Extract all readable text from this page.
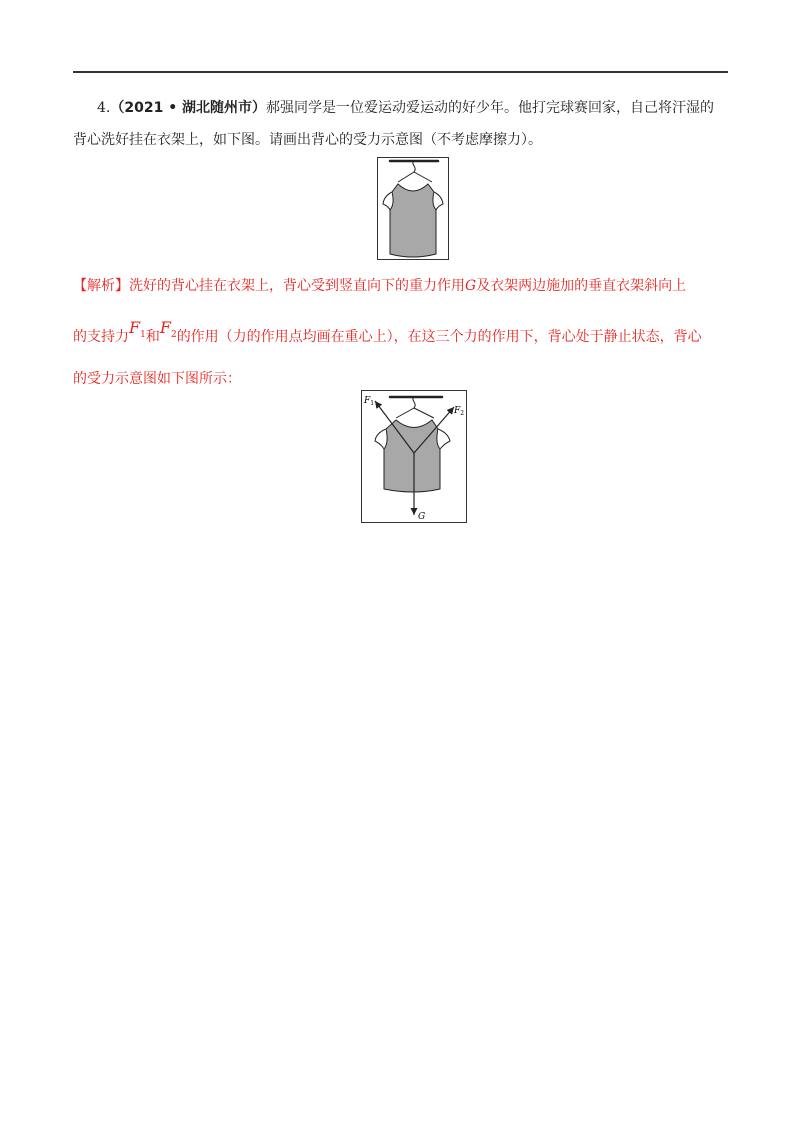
4.（2021 • 湖北随州市）郝强同学是一位爱运动爱运动的好少年。他打完球赛回家，自己将汗湿的
背心洗好挂在衣架上，如下图。请画出背心的受力示意图（不考虑摩擦力）。
【解析】洗好的背心挂在衣架上，背心受到竖直向下的重力作用G及衣架两边施加的垂直衣架斜向上
的支持力$F_1$和$F_2$的作用（力的作用点均画在重心上），在这三个力的作用下，背心处于静止状态，背心
的受力示意图如下图所示：
$F_1$
$F_2$
G
